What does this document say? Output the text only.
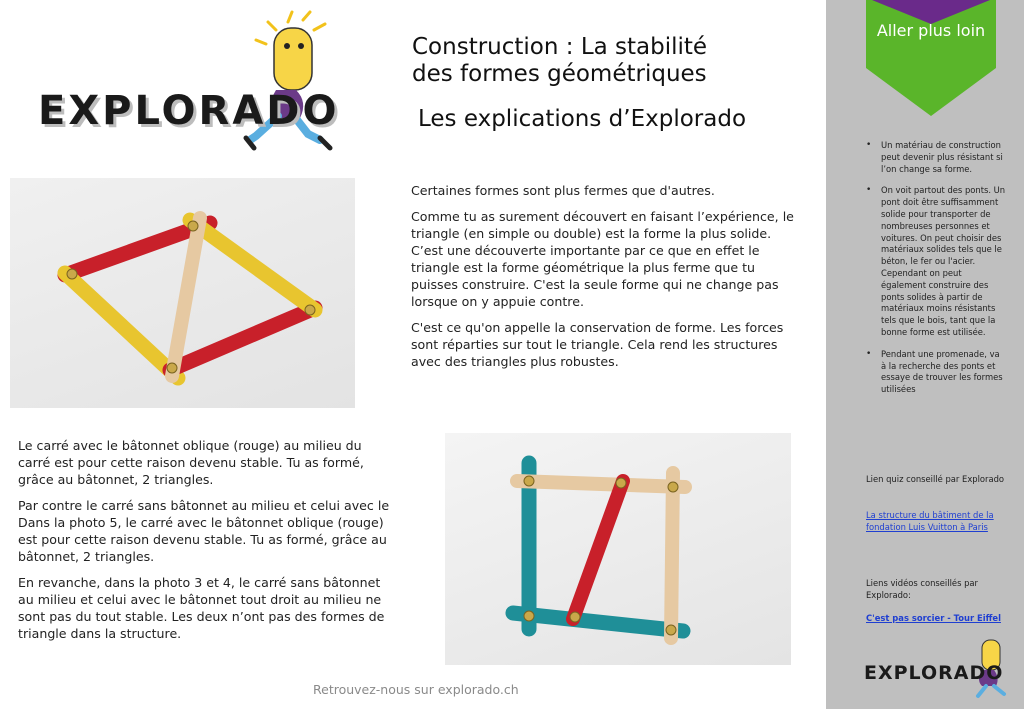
EXPLORADO
Construction : La stabilité
des formes géométriques
Les explications d’Explorado

Certaines formes sont plus fermes que d'autres.

Comme tu as surement découvert en faisant l’expérience, le triangle (en simple ou double) est la forme la plus solide. C’est une découverte importante par ce que en effet le triangle est la forme géométrique la plus ferme que tu puisses construire. C'est la seule forme qui ne change pas lorsque on y appuie contre.

C'est ce qu'on appelle la conservation de forme. Les forces sont réparties sur tout le triangle. Cela rend les structures avec des triangles plus robustes.

Le carré avec le bâtonnet oblique (rouge) au milieu du carré est pour cette raison devenu stable. Tu as formé, grâce au bâtonnet, 2 triangles.

Par contre le carré sans bâtonnet au milieu et celui avec le Dans la photo 5, le carré avec le bâtonnet oblique (rouge) est pour cette raison devenu stable. Tu as formé, grâce au bâtonnet, 2 triangles.

En revanche, dans la photo 3 et 4, le carré sans bâtonnet au milieu et celui avec le bâtonnet tout droit au milieu ne sont pas du tout stable. Les deux n’ont pas des formes de triangle dans la structure.

Retrouvez-nous sur explorado.ch
Aller plus loin
• Un matériau de construction peut devenir plus résistant si l’on change sa forme.
• On voit partout des ponts. Un pont doit être suffisamment solide pour transporter de nombreuses personnes et voitures. On peut choisir des matériaux solides tels que le béton, le fer ou l'acier. Cependant on peut également construire des ponts solides à partir de matériaux moins résistants tels que le bois, tant que la bonne forme est utilisée.
• Pendant une promenade, va à la recherche des ponts et essaye de trouver les formes utilisées
Lien quiz conseillé par Explorado
La structure du bâtiment de la fondation Luis Vuitton à Paris
Liens vidéos conseillés par Explorado:
C'est pas sorcier - Tour Eiffel
EXPLORADO
